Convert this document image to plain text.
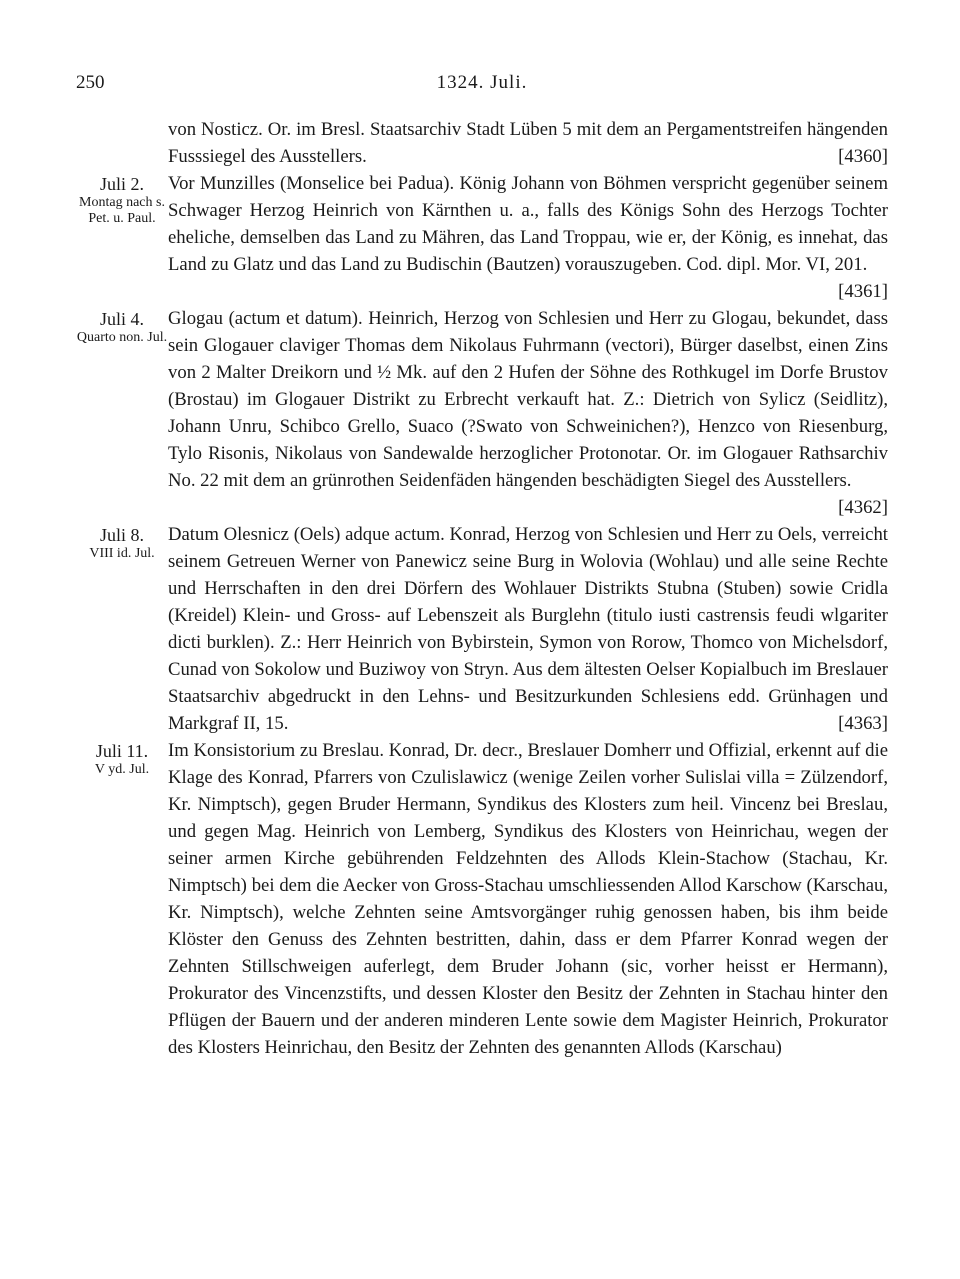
250	1324. Juli.

von Nosticz. Or. im Bresl. Staatsarchiv Stadt Lüben 5 mit dem an Pergamentstreifen hängenden Fusssiegel des Ausstellers.	[4360]

Juli 2.
Montag nach s. Pet. u. Paul.

Vor Munzilles (Monselice bei Padua). König Johann von Böhmen verspricht gegenüber seinem Schwager Herzog Heinrich von Kärnthen u. a., falls des Königs Sohn des Herzogs Tochter eheliche, demselben das Land zu Mähren, das Land Troppau, wie er, der König, es innehat, das Land zu Glatz und das Land zu Budischin (Bautzen) vorauszugeben. Cod. dipl. Mor. VI, 201.
[4361]

Juli 4.
Quarto non. Jul.

Glogau (actum et datum). Heinrich, Herzog von Schlesien und Herr zu Glogau, bekundet, dass sein Glogauer claviger Thomas dem Nikolaus Fuhrmann (vectori), Bürger daselbst, einen Zins von 2 Malter Dreikorn und ½ Mk. auf den 2 Hufen der Söhne des Rothkugel im Dorfe Brustov (Brostau) im Glogauer Distrikt zu Erbrecht verkauft hat. Z.: Dietrich von Sylicz (Seidlitz), Johann Unru, Schibco Grello, Suaco (?Swato von Schweinichen?), Henzco von Riesenburg, Tylo Risonis, Nikolaus von Sandewalde herzoglicher Protonotar. Or. im Glogauer Rathsarchiv No. 22 mit dem an grünrothen Seidenfäden hängenden beschädigten Siegel des Ausstellers.
[4362]

Juli 8.
VIII id. Jul.

Datum Olesnicz (Oels) adque actum. Konrad, Herzog von Schlesien und Herr zu Oels, verreicht seinem Getreuen Werner von Panewicz seine Burg in Wolovia (Wohlau) und alle seine Rechte und Herrschaften in den drei Dörfern des Wohlauer Distrikts Stubna (Stuben) sowie Cridla (Kreidel) Klein- und Gross- auf Lebenszeit als Burglehn (titulo iusti castrensis feudi wlgariter dicti burklen). Z.: Herr Heinrich von Bybirstein, Symon von Rorow, Thomco von Michelsdorf, Cunad von Sokolow und Buziwoy von Stryn. Aus dem ältesten Oelser Kopialbuch im Breslauer Staatsarchiv abgedruckt in den Lehns- und Besitzurkunden Schlesiens edd. Grünhagen und Markgraf II, 15.	[4363]

Juli 11.
V yd. Jul.

Im Konsistorium zu Breslau. Konrad, Dr. decr., Breslauer Domherr und Offizial, erkennt auf die Klage des Konrad, Pfarrers von Czulislawicz (wenige Zeilen vorher Sulislai villa = Zülzendorf, Kr. Nimptsch), gegen Bruder Hermann, Syndikus des Klosters zum heil. Vincenz bei Breslau, und gegen Mag. Heinrich von Lemberg, Syndikus des Klosters von Heinrichau, wegen der seiner armen Kirche gebührenden Feldzehnten des Allods Klein-Stachow (Stachau, Kr. Nimptsch) bei dem die Aecker von Gross-Stachau umschliessenden Allod Karschow (Karschau, Kr. Nimptsch), welche Zehnten seine Amtsvorgänger ruhig genossen haben, bis ihm beide Klöster den Genuss des Zehnten bestritten, dahin, dass er dem Pfarrer Konrad wegen der Zehnten Stillschweigen auferlegt, dem Bruder Johann (sic, vorher heisst er Hermann), Prokurator des Vincenzstifts, und dessen Kloster den Besitz der Zehnten in Stachau hinter den Pflügen der Bauern und der anderen minderen Lente sowie dem Magister Heinrich, Prokurator des Klosters Heinrichau, den Besitz der Zehnten des genannten Allods (Karschau)
